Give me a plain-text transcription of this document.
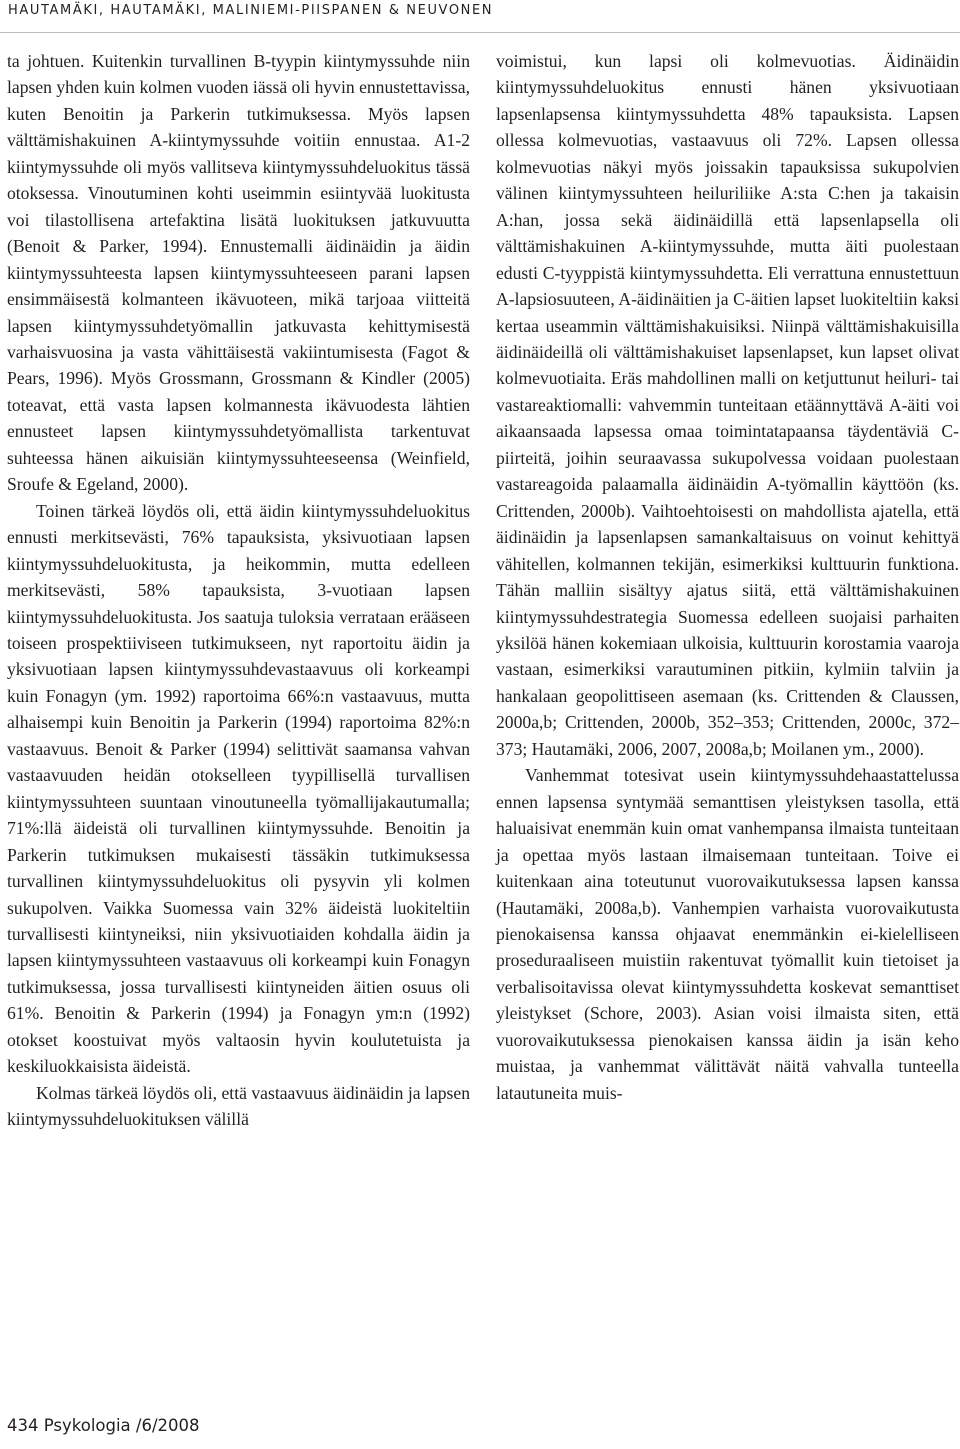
HAUTAMÄKI, HAUTAMÄKI, MALINIEMI-PIISPANEN & NEUVONEN

ta johtuen. Kuitenkin turvallinen B-tyypin kiintymyssuhde niin lapsen yhden kuin kolmen vuoden iässä oli hyvin ennustettavissa, kuten Benoitin ja Parkerin tutkimuksessa. Myös lapsen välttämishakuinen A-kiintymyssuhde voitiin ennustaa. A1-2 kiintymyssuhde oli myös vallitseva kiintymyssuhdeluokitus tässä otoksessa. Vinoutuminen kohti useimmin esiintyvää luokitusta voi tilastollisena artefaktina lisätä luokituksen jatkuvuutta (Benoit & Parker, 1994). Ennustemalli äidinäidin ja äidin kiintymyssuhteesta lapsen kiintymyssuhteeseen parani lapsen ensimmäisestä kolmanteen ikävuoteen, mikä tarjoaa viitteitä lapsen kiintymyssuhdetyömallin jatkuvasta kehittymisestä varhaisvuosina ja vasta vähittäisestä vakiintumisesta (Fagot & Pears, 1996). Myös Grossmann, Grossmann & Kindler (2005) toteavat, että vasta lapsen kolmannesta ikävuodesta lähtien ennusteet lapsen kiintymyssuhdetyömallista tarkentuvat suhteessa hänen aikuisiän kiintymyssuhteeseensa (Weinfield, Sroufe & Egeland, 2000).

Toinen tärkeä löydös oli, että äidin kiintymyssuhdeluokitus ennusti merkitsevästi, 76% tapauksista, yksivuotiaan lapsen kiintymyssuhdeluokitusta, ja heikommin, mutta edelleen merkitsevästi, 58% tapauksista, 3-vuotiaan lapsen kiintymyssuhdeluokitusta. Jos saatuja tuloksia verrataan erääseen toiseen prospektiiviseen tutkimukseen, nyt raportoitu äidin ja yksivuotiaan lapsen kiintymyssuhdevastaavuus oli korkeampi kuin Fonagyn (ym. 1992) raportoima 66%:n vastaavuus, mutta alhaisempi kuin Benoitin ja Parkerin (1994) raportoima 82%:n vastaavuus. Benoit & Parker (1994) selittivät saamansa vahvan vastaavuuden heidän otokselleen tyypillisellä turvallisen kiintymyssuhteen suuntaan vinoutuneella työmallijakautumalla; 71%:llä äideistä oli turvallinen kiintymyssuhde. Benoitin ja Parkerin tutkimuksen mukaisesti tässäkin tutkimuksessa turvallinen kiintymyssuhdeluokitus oli pysyvin yli kolmen sukupolven. Vaikka Suomessa vain 32% äideistä luokiteltiin turvallisesti kiintyneiksi, niin yksivuotiaiden kohdalla äidin ja lapsen kiintymyssuhteen vastaavuus oli korkeampi kuin Fonagyn tutkimuksessa, jossa turvallisesti kiintyneiden äitien osuus oli 61%. Benoitin & Parkerin (1994) ja Fonagyn ym:n (1992) otokset koostuivat myös valtaosin hyvin koulutetuista ja keskiluokkaisista äideistä.

Kolmas tärkeä löydös oli, että vastaavuus äidinäidin ja lapsen kiintymyssuhdeluokituksen välillä

voimistui, kun lapsi oli kolmevuotias. Äidinäidin kiintymyssuhdeluokitus ennusti hänen yksivuotiaan lapsenlapsensa kiintymyssuhdetta 48% tapauksista. Lapsen ollessa kolmevuotias, vastaavuus oli 72%. Lapsen ollessa kolmevuotias näkyi myös joissakin tapauksissa sukupolvien välinen kiintymyssuhteen heiluriliike A:sta C:hen ja takaisin A:han, jossa sekä äidinäidillä että lapsenlapsella oli välttämishakuinen A-kiintymyssuhde, mutta äiti puolestaan edusti C-tyyppistä kiintymyssuhdetta. Eli verrattuna ennustettuun A-lapsiosuuteen, A-äidinäitien ja C-äitien lapset luokiteltiin kaksi kertaa useammin välttämishakuisiksi. Niinpä välttämishakuisilla äidinäideillä oli välttämishakuiset lapsenlapset, kun lapset olivat kolmevuotiaita. Eräs mahdollinen malli on ketjuttunut heiluri- tai vastareaktiomalli: vahvemmin tunteitaan etäännyttävä A-äiti voi aikaansaada lapsessa omaa toimintatapaansa täydentäviä C-piirteitä, joihin seuraavassa sukupolvessa voidaan puolestaan vastareagoida palaamalla äidinäidin A-työmallin käyttöön (ks. Crittenden, 2000b). Vaihtoehtoisesti on mahdollista ajatella, että äidinäidin ja lapsenlapsen samankaltaisuus on voinut kehittyä vähitellen, kolmannen tekijän, esimerkiksi kulttuurin funktiona. Tähän malliin sisältyy ajatus siitä, että välttämishakuinen kiintymyssuhdestrategia Suomessa edelleen suojaisi parhaiten yksilöä hänen kokemiaan ulkoisia, kulttuurin korostamia vaaroja vastaan, esimerkiksi varautuminen pitkiin, kylmiin talviin ja hankalaan geopolittiseen asemaan (ks. Crittenden & Claussen, 2000a,b; Crittenden, 2000b, 352–353; Crittenden, 2000c, 372–373; Hautamäki, 2006, 2007, 2008a,b; Moilanen ym., 2000).

Vanhemmat totesivat usein kiintymyssuhdehaastattelussa ennen lapsensa syntymää semanttisen yleistyksen tasolla, että haluaisivat enemmän kuin omat vanhempansa ilmaista tunteitaan ja opettaa myös lastaan ilmaisemaan tunteitaan. Toive ei kuitenkaan aina toteutunut vuorovaikutuksessa lapsen kanssa (Hautamäki, 2008a,b). Vanhempien varhaista vuorovaikutusta pienokaisensa kanssa ohjaavat enemmänkin ei-kielelliseen proseduraaliseen muistiin rakentuvat työmallit kuin tietoiset ja verbalisoitavissa olevat kiintymyssuhdetta koskevat semanttiset yleistykset (Schore, 2003). Asian voisi ilmaista siten, että vuorovaikutuksessa pienokaisen kanssa äidin ja isän keho muistaa, ja vanhemmat välittävät näitä vahvalla tunteella latautuneita muis-

434 Psykologia /6/2008
